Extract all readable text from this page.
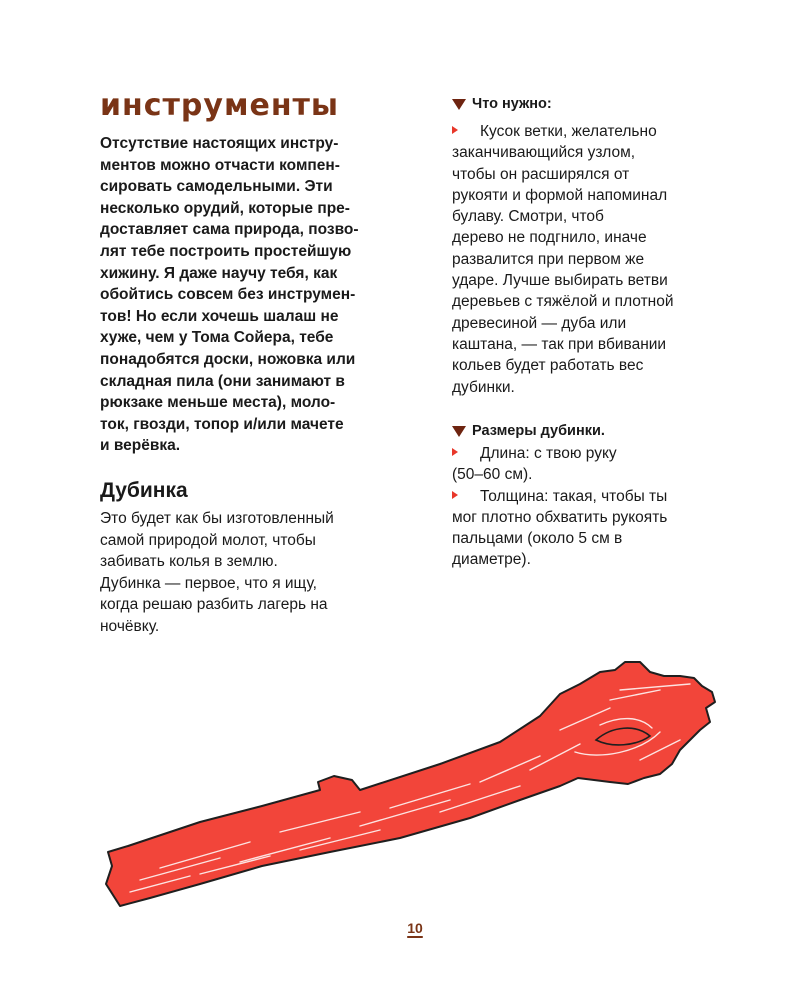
инструменты
Отсутствие настоящих инстру-
ментов можно отчасти компен-
сировать самодельными. Эти
несколько орудий, которые пре-
доставляет сама природа, позво-
лят тебе построить простейшую
хижину. Я даже научу тебя, как
обойтись совсем без инструмен-
тов! Но если хочешь шалаш не
хуже, чем у Тома Сойера, тебе
понадобятся доски, ножовка или
складная пила (они занимают в
рюкзаке меньше места), моло-
ток, гвозди, топор и/или мачете
и верёвка.
Дубинка
Это будет как бы изготовленный
самой природой молот, чтобы
забивать колья в землю.
Дубинка — первое, что я ищу,
когда решаю разбить лагерь на
ночёвку.
Что нужно:
Кусок ветки, желательно
заканчивающийся узлом,
чтобы он расширялся от
рукояти и формой напоминал
булаву. Смотри, чтоб
дерево не подгнило, иначе
развалится при первом же
ударе. Лучше выбирать ветви
деревьев с тяжёлой и плотной
древесиной — дуба или
каштана, — так при вбивании
кольев будет работать вес
дубинки.
Размеры дубинки.
Длина: с твою руку
(50–60 см).
Толщина: такая, чтобы ты
мог плотно обхватить рукоять
пальцами (около 5 см в
диаметре).
10
